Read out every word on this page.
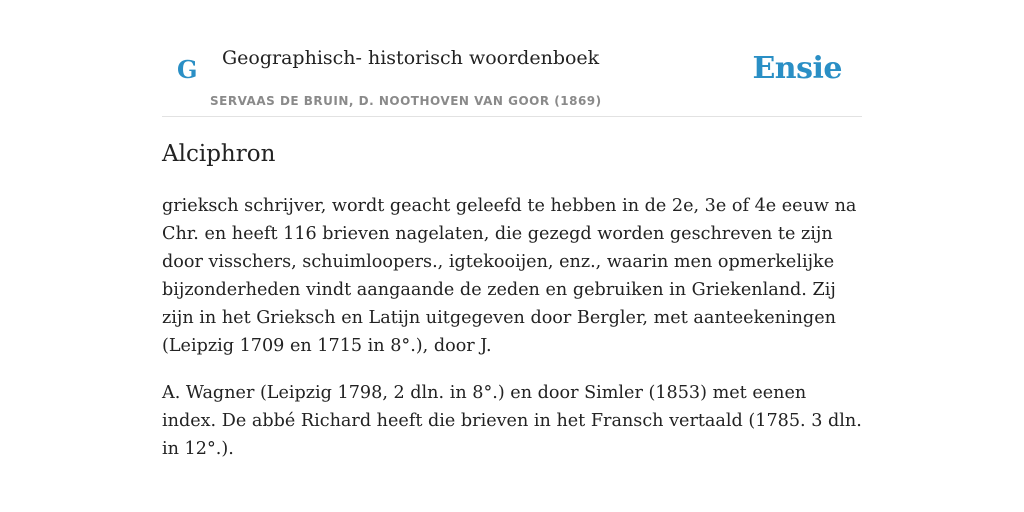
G Geographisch- historisch woordenboek
SERVAAS DE BRUIN, D. NOOTHOVEN VAN GOOR (1869)
Ensie
Alciphron

grieksch schrijver, wordt geacht geleefd te hebben in de 2e, 3e of 4e eeuw na Chr. en heeft 116 brieven nagelaten, die gezegd worden geschreven te zijn door visschers, schuimloopers., igtekooijen, enz., waarin men opmerkelijke bijzonderheden vindt aangaande de zeden en gebruiken in Griekenland. Zij zijn in het Grieksch en Latijn uitgegeven door Bergler, met aanteekeningen (Leipzig 1709 en 1715 in 8°.), door J.

A. Wagner (Leipzig 1798, 2 dln. in 8°.) en door Simler (1853) met eenen index. De abbé Richard heeft die brieven in het Fransch vertaald (1785. 3 dln. in 12°.).
